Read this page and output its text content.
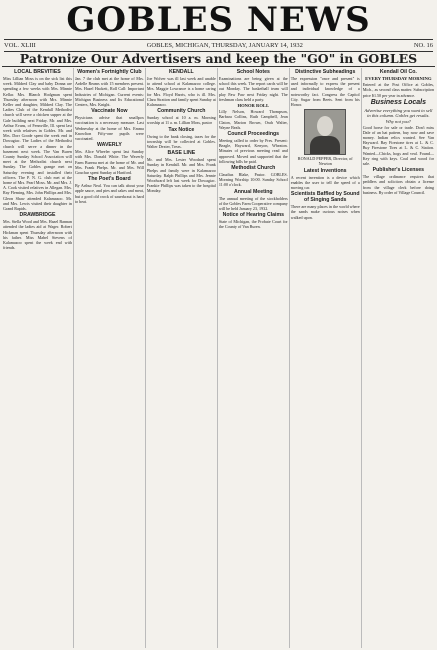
GOBLES NEWS
VOL. XLIII	GOBLES, MICHIGAN, THURSDAY, JANUARY 14, 1932	NO. 16
Patronize Our Advertisers and keep the "GO" in GOBLES
LOCAL BREVITIES

Miss Lillian Moss is on the sick list this week. Mildred Clay and baby Donna are spending a few weeks with Mrs. Minnie Kellar. Mrs. Blanch Hodgman spent Thursday afternoon with Mrs. Minnie Keller and daughter, Mildred Clay. The Ladies Club of the Kendall Methodist church will serve a chicken supper at the Gale building next Friday. Mr. and Mrs. Arthur Evans, of Fennville, Ill. spent last week with relatives in Gobles. Mr. and Mrs. Dorr Goode spent the week end in Dowagiac. The Ladies of the Methodist church will serve a dinner in the basement next week. The Van Buren County Sunday School Association will meet at the Methodist church next Sunday. The Gobles grange met on Saturday evening and installed their officers. The P. N. G. club met at the home of Mrs. Pearl Moss. Mr. and Mrs. J. A. Cook visited relatives in Allegan. Mrs. Ray Fleming, Mrs. John Phillips and Mrs. Gleon Shaw attended Kalamazoo. Mr. and Mrs. Lewis visited their daughter in Grand Rapids.

DRAWBRIDGE

Mrs. Stella Wood and Mrs. Hazel Bannan attended the ladies aid at Wager. Robert Hickman spent Thursday afternoon with his father. Miss Mabel Stevens of Kalamazoo spent the week end with friends.

Women's Fortnightly Club

Jan. 7 the club met at the home of Mrs. Ardelle Reams with 15 members present. Mrs. Hazel Hackett, Roll Call: Important Industries of Michigan. Current events: Michigan Business and Its Educational Centers, Mrs. Knight.

Vaccinate Now

Physicians advise that smallpox vaccination is a necessary measure. Last Wednesday at the home of Mrs. Emma Knowlton Fifty-one pupils were vaccinated.

WAVERLY

Mrs. Alice Wheeler spent last Sunday with Mrs. Donald White. The Waverly Farm Bureau met at the home of Mr. and Mrs. Frank Phelps. Mr. and Mrs. Will Gouchar spent Sunday at Hartford.

The Poet's Board

By Arthur Neal. You can talk about your apple sauce, and pies and cakes and meat, but a good old crock of sauerkraut is hard to beat.

KENDALL

Joe Wolver was ill last week and unable to attend school at Kalamazoo college. Mrs. Maggie Lowrance is a home caring for Mrs. Floyd Harris, who is ill. Mrs. Clara Stratton and family spent Sunday at Kalamazoo.

Community Church

Sunday school at 10 a. m. Morning worship at 11 a. m. Lillian Moss, pastor

Tax Notice

Owing to the bank closing, taxes for the township will be collected at Gobles. Walter Dexter, Treas.

BASE LINE

Mr. and Mrs. Lester Woodard spent Sunday in Kendall. Mr. and Mrs. Frank Phelps and family were in Kalamazoo Saturday. Ralph Phillips and Mrs. Jennie Woodward left last week for Dowagiac. Frankie Phillips was taken to the hospital Monday.

School Notes

Examinations are being given at the school this week. The report cards will be out Monday. The basketball team will play Paw Paw next Friday night. The freshman class held a party.

HONOR ROLL

Lilly Nelson, Howard Thompson, Barbara Collins, Ruth Campbell, Jean Claton, Marion Brown, Orah Walter, Wayne Beals.

Council Proceedings

Meeting called to order by Pres. Present: Beagle, Hayward, Kenyon, Wheaton. Minutes of previous meeting read and approved. Moved and supported that the following bills be paid.

Methodist Church

Claudius Blake, Pastor. GOBLES. Morning Worship 10:00. Sunday School 11:00 o'clock.

Annual Meeting

The annual meeting of the stockholders of the Gobles Farm Cooperative company will be held January 23, 1932.

Notice of Hearing Claims

State of Michigan, the Probate Court for the County of Van Buren.

Distinctive Subheadings

The expression "once and present" is used informally to express the present and individual knowledge of a noteworthy fact. Congress the Capitol City. Sugar from Beets. Sent from his Honor.

RONALD PEPPER, Director, of Newton
Latest Inventions

A recent invention is a device which enables the user to tell the speed of a moving car.

Scientists Baffled by Sound of Singing Sands

There are many places in the world where the sands make curious noises when walked upon.

Kendall Oil Co.
EVERY THURSDAY MORNING

Entered at the Post Office at Gobles, Mich., as second class matter. Subscription price $1.50 per year in advance.

Business Locals
Advertise everything you want to sell in this column. Gobles get results. Why not you?

Good horse for sale or trade. Don't miss Dale of an hat pattern, buy now and save money. Indian relics wanted. See Van Hayward. Bay Firestone tires at L. & C. Buy Firestone Tires at L. & C. Station. Wanted—Chicks, hogs and veal. Found—Key ring with keys. Coal and wood for sale.

Publisher's Licenses

The village ordinance requires that peddlers and solicitors obtain a license from the village clerk before doing business. By order of Village Council.
